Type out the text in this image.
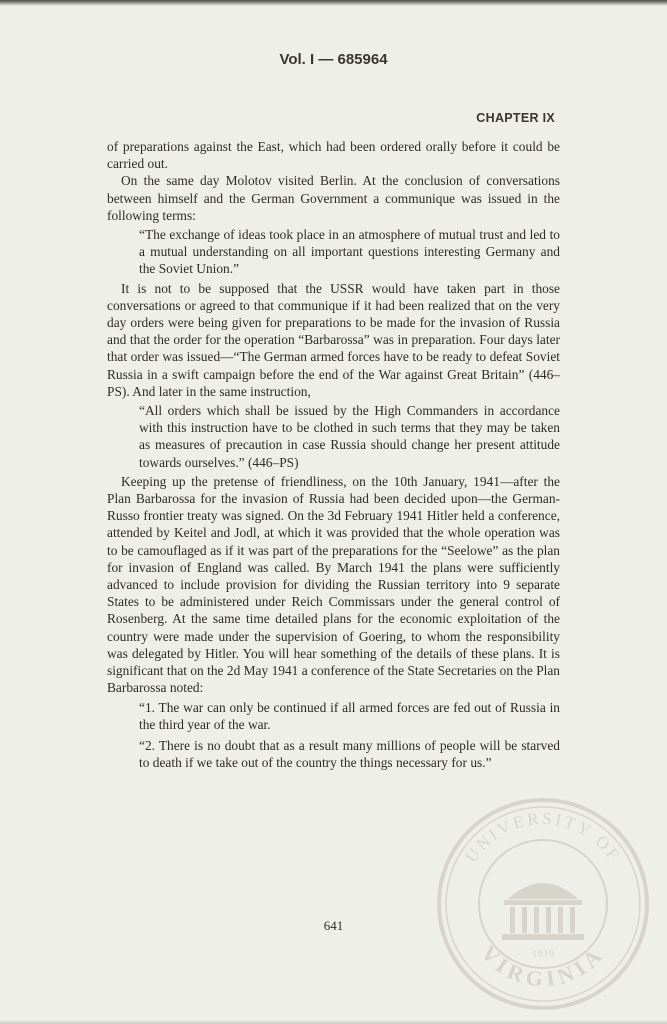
Vol. I — 685964
CHAPTER IX

of preparations against the East, which had been ordered orally before it could be carried out.

On the same day Molotov visited Berlin. At the conclusion of conversations between himself and the German Government a communique was issued in the following terms:

“The exchange of ideas took place in an atmosphere of mutual trust and led to a mutual understanding on all important questions interesting Germany and the Soviet Union.”

It is not to be supposed that the USSR would have taken part in those conversations or agreed to that communique if it had been realized that on the very day orders were being given for preparations to be made for the invasion of Russia and that the order for the operation “Barbarossa” was in preparation. Four days later that order was issued—“The German armed forces have to be ready to defeat Soviet Russia in a swift campaign before the end of the War against Great Britain” (446–PS). And later in the same instruction,

“All orders which shall be issued by the High Commanders in accordance with this instruction have to be clothed in such terms that they may be taken as measures of precaution in case Russia should change her present attitude towards ourselves.” (446–PS)

Keeping up the pretense of friendliness, on the 10th January, 1941—after the Plan Barbarossa for the invasion of Russia had been decided upon—the German-Russo frontier treaty was signed. On the 3d February 1941 Hitler held a conference, attended by Keitel and Jodl, at which it was provided that the whole operation was to be camouflaged as if it was part of the preparations for the “Seelowe” as the plan for invasion of England was called. By March 1941 the plans were sufficiently advanced to include provision for dividing the Russian territory into 9 separate States to be administered under Reich Commissars under the general control of Rosenberg. At the same time detailed plans for the economic exploitation of the country were made under the supervision of Goering, to whom the responsibility was delegated by Hitler. You will hear something of the details of these plans. It is significant that on the 2d May 1941 a conference of the State Secretaries on the Plan Barbarossa noted:

“1. The war can only be continued if all armed forces are fed out of Russia in the third year of the war.

“2. There is no doubt that as a result many millions of people will be starved to death if we take out of the country the things necessary for us.”

641
UNIVERSITY OF
VIRGINIA
1819
